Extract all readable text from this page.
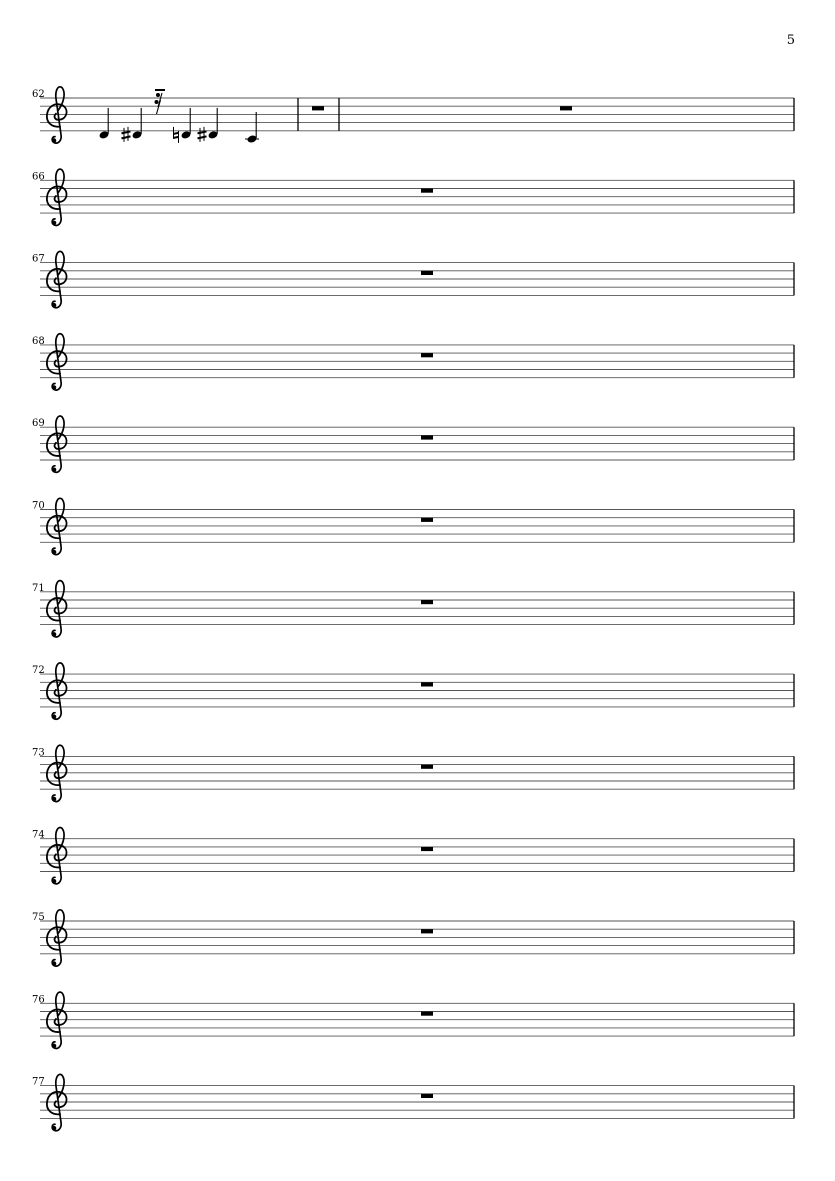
5
62
66
67
68
69
70
71
72
73
74
75
76
77
